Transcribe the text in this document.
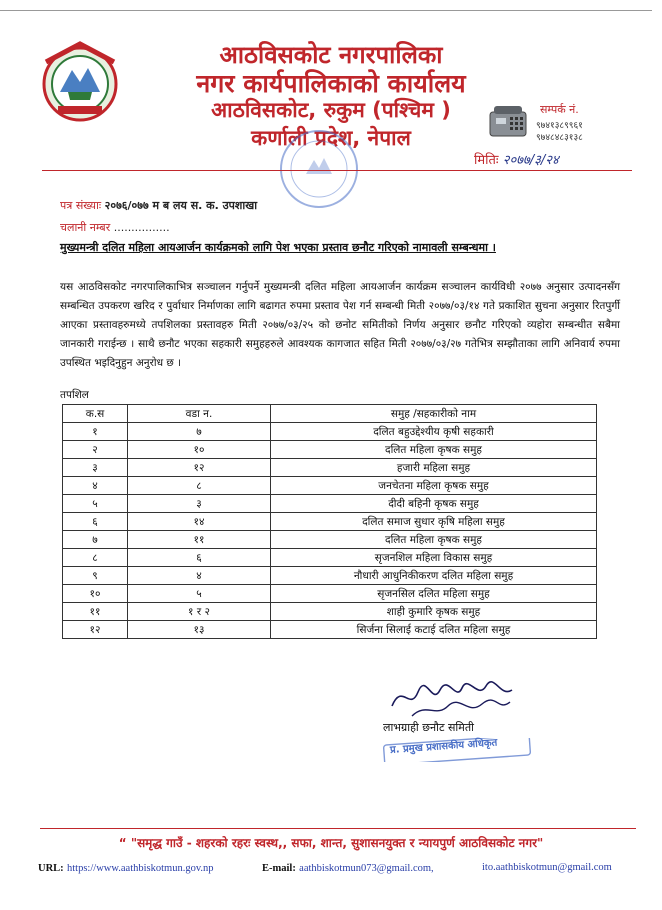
आठविसकोट नगरपालिका
नगर कार्यपालिकाको कार्यालय
आठविसकोट, रुकुम (पश्चिम )
कर्णाली प्रदेश, नेपाल
सम्पर्क नं.
९७४१३८९९६१
९७४८४८३१३८
मितिः २०७७/३/२४
पत्र संख्याः २०७६/०७७ म ब लय स. क. उपशाखा
चलानी नम्बर ................
मुख्यमन्त्री दलित महिला आयआर्जन कार्यक्रमको लागि पेश भएका प्रस्ताव छनौट गरिएको नामावली सम्बन्धमा ।
यस आठविसकोट नगरपालिकाभित्र सञ्चालन गर्नुपर्ने मुख्यमन्त्री दलित महिला आयआर्जन कार्यक्रम सञ्चालन कार्यविधी २०७७ अनुसार उत्पादनसँग सम्बन्धित उपकरण खरिद र पुर्वाधार निर्माणका लागि बढागत रुपमा प्रस्ताव पेश गर्न सम्बन्धी मिती २०७७/०३/१४ गते प्रकाशित सुचना अनुसार रितपुर्गी आएका प्रस्तावहरुमध्ये तपशिलका प्रस्तावहरु मिती २०७७/०३/२५ को छनोट समितीको निर्णय अनुसार छनौट गरिएको व्यहोरा सम्बन्धीत सबैमा जानकारी गराईन्छ । साथै छनौट भएका सहकारी समुहहरुले आवश्यक कागजात सहित मिती २०७७/०३/२७ गतेभित्र सम्झौताका लागि अनिवार्य रुपमा उपस्थित भइदिनुहुन अनुरोध छ ।
तपशिल
क.स	वडा न.	समुह /सहकारीको नाम
१	७	दलित बहुउद्देश्यीय कृषी सहकारी
२	१०	दलित महिला कृषक समुह
३	१२	हजारी महिला समुह
४	८	जनचेतना महिला कृषक समुह
५	३	दीदी बहिनी कृषक समुह
६	१४	दलित समाज सुधार कृषि महिला समुह
७	११	दलित महिला कृषक समुह
८	६	सृजनशिल महिला विकास समुह
९	४	नौधारी आधुनिकीकरण दलित महिला समुह
१०	५	सृजनसिल दलित महिला समुह
११	१ र २	शाही कुमारि कृषक समुह
१२	१३	सिर्जना सिलाई कटाई दलित महिला समुह
लाभग्राही छनौट समिती
प्र. प्रमुख प्रशासकीय अधिकृत
“ "समृद्ध गाउँ - शहरको रहरः स्वस्थ,, सफा, शान्त, सुशासनयुक्त र न्यायपुर्ण आठविसकोट नगर"
URL: https://www.aathbiskotmun.gov.np	E-mail: aathbiskotmun073@gmail.com,	ito.aathbiskotmun@gmail.com
